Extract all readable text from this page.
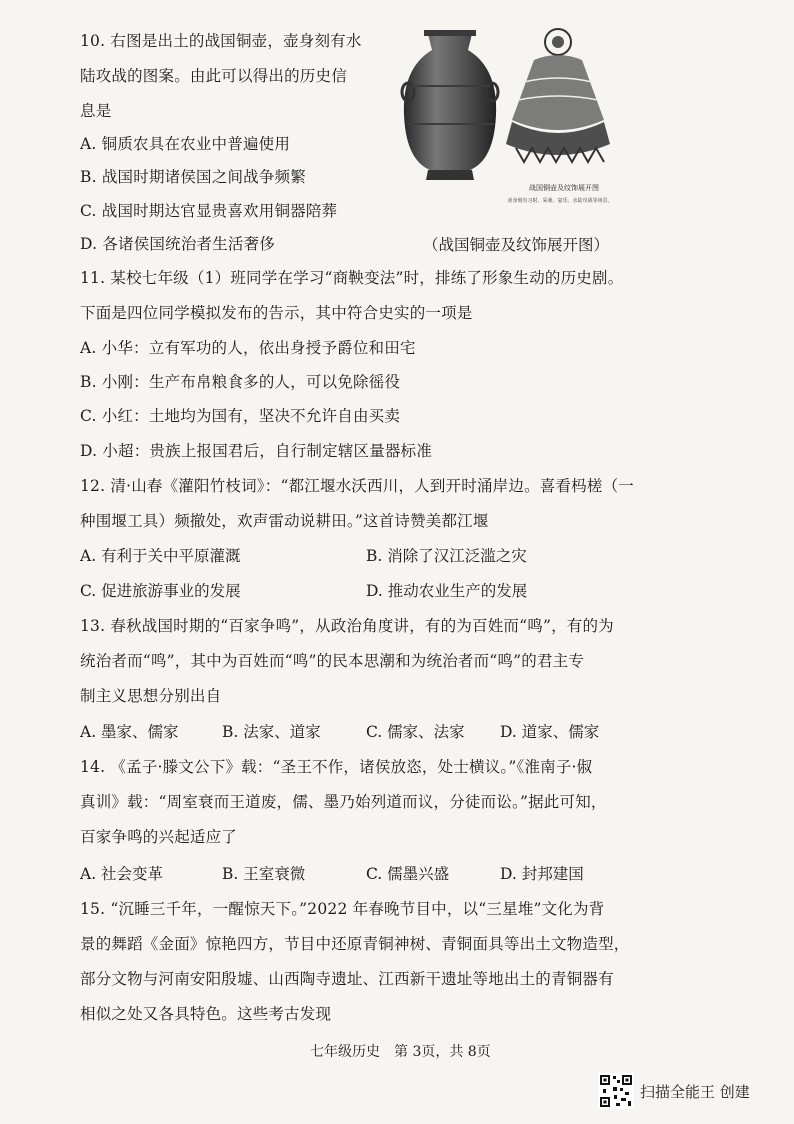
10. 右图是出土的战国铜壶，壶身刻有水
陆攻战的图案。由此可以得出的历史信
息是
A. 铜质农具在农业中普遍使用
B. 战国时期诸侯国之间战争频繁
C. 战国时期达官显贵喜欢用铜器陪葬
D. 各诸侯国统治者生活奢侈
战国铜壶及纹饰展开图
壶身刻有习射、采桑、宴乐、水陆攻战等场景。
（战国铜壶及纹饰展开图）
11. 某校七年级（1）班同学在学习“商鞅变法”时，排练了形象生动的历史剧。
下面是四位同学模拟发布的告示，其中符合史实的一项是
A. 小华：立有军功的人，依出身授予爵位和田宅
B. 小刚：生产布帛粮食多的人，可以免除徭役
C. 小红：土地均为国有，坚决不允许自由买卖
D. 小超：贵族上报国君后，自行制定辖区量器标准
12. 清·山春《灌阳竹枝词》：“都江堰水沃西川，人到开时涌岸边。喜看杩槎（一
种围堰工具）频撤处，欢声雷动说耕田。”这首诗赞美都江堰
A. 有利于关中平原灌溉	B. 消除了汉江泛滥之灾
C. 促进旅游事业的发展	D. 推动农业生产的发展
13. 春秋战国时期的“百家争鸣”，从政治角度讲，有的为百姓而“鸣”，有的为
统治者而“鸣”，其中为百姓而“鸣”的民本思潮和为统治者而“鸣”的君主专
制主义思想分别出自
A. 墨家、儒家	B. 法家、道家	C. 儒家、法家 D. 道家、儒家
14. 《孟子·滕文公下》载：“圣王不作，诸侯放恣，处士横议。”《淮南子·俶
真训》载：“周室衰而王道废，儒、墨乃始列道而议，分徒而讼。”据此可知，
百家争鸣的兴起适应了
A. 社会变革	B. 王室衰微	C. 儒墨兴盛	D. 封邦建国
15. “沉睡三千年，一醒惊天下。”2022 年春晚节目中，以“三星堆”文化为背
景的舞蹈《金面》惊艳四方，节目中还原青铜神树、青铜面具等出土文物造型，
部分文物与河南安阳殷墟、山西陶寺遗址、江西新干遗址等地出土的青铜器有
相似之处又各具特色。这些考古发现
七年级历史　第 3页，共 8页
扫描全能王 创建
